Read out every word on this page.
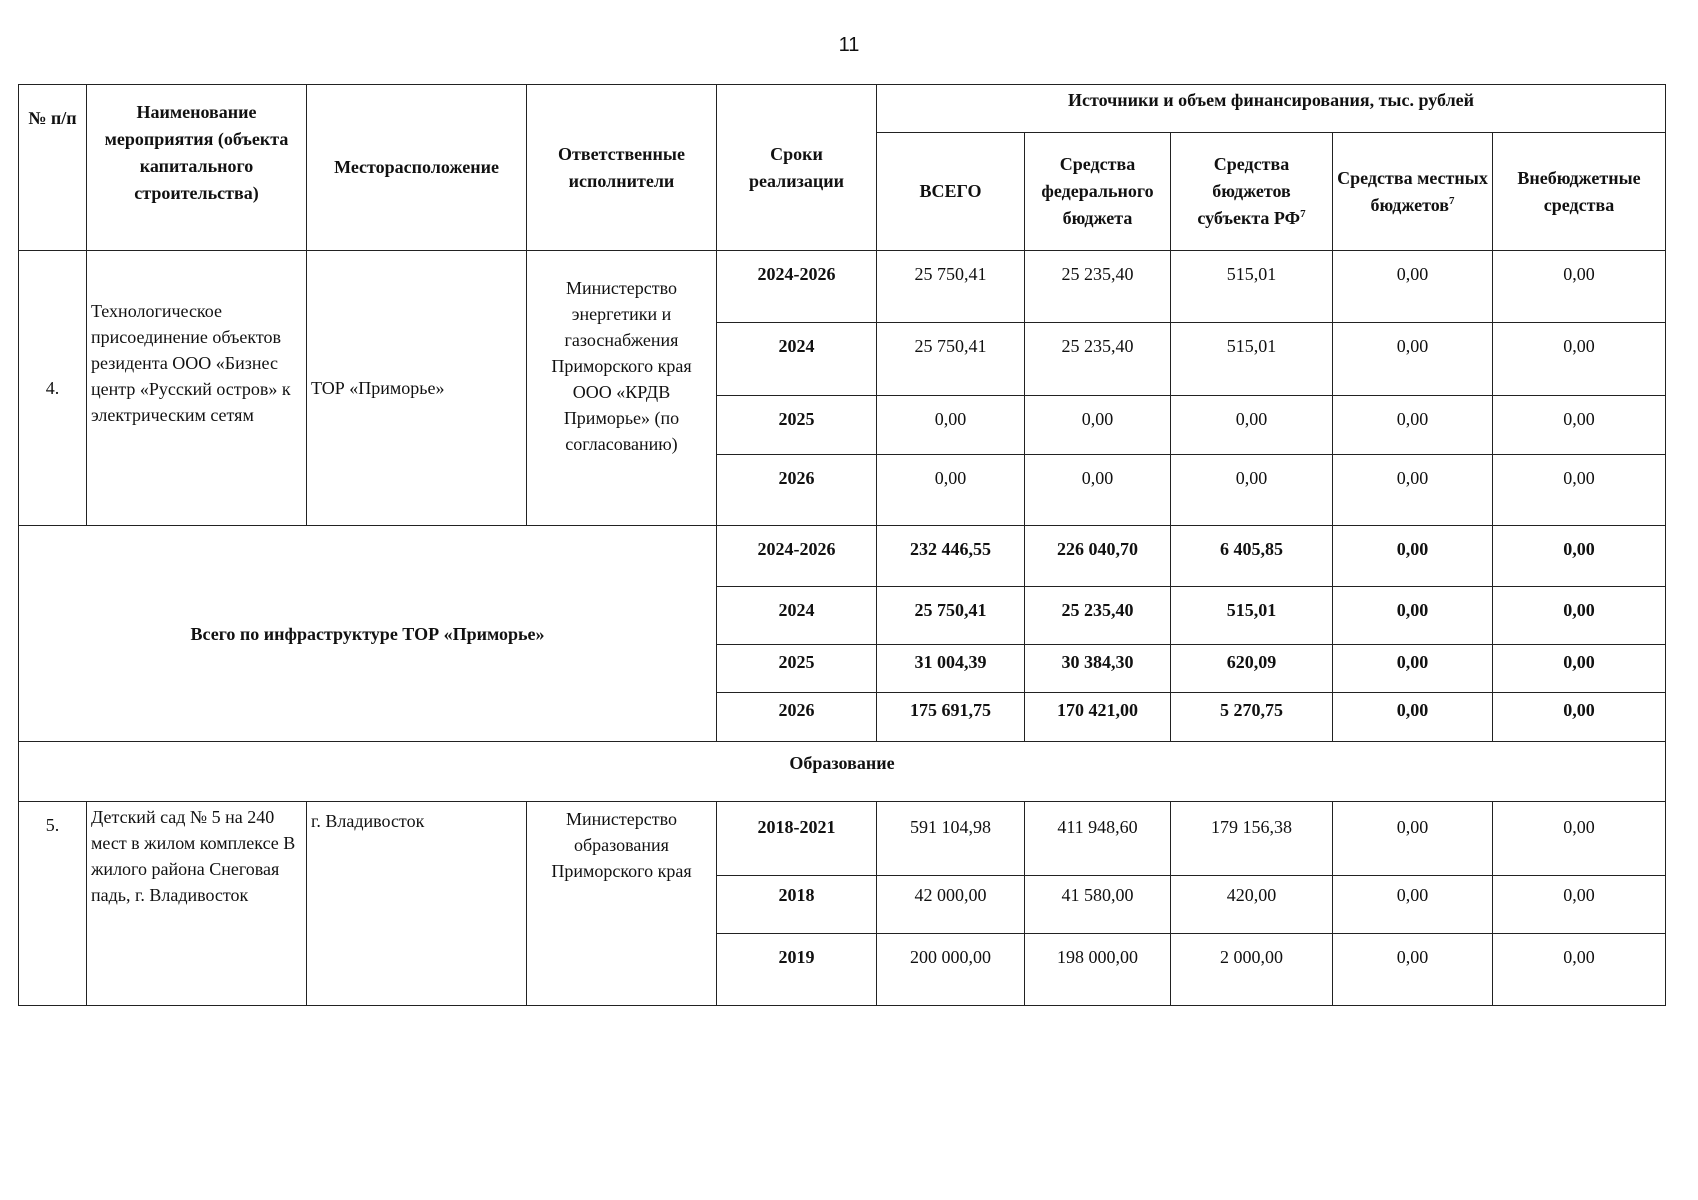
11
№ п/п	Наименование мероприятия (объекта капитального строительства)	Месторасположение	Ответственные исполнители	Сроки реализации	Источники и объем финансирования, тыс. рублей				
					ВСЕГО	Средства федерального бюджета	Средства бюджетов субъекта $РФ^7$	Средства местных бюджетов$^7$	Внебюджетные средства
4.	Технологическое присоединение объектов резидента ООО «Бизнес центр «Русский остров» к электрическим сетям	ТОР «Приморье»	Министерство энергетики и газоснабжения Приморского края ООО «КРДВ Приморье» (по согласованию)	2024-2026	25 750,41	25 235,40	515,01	0,00	0,00
				2024	25 750,41	25 235,40	515,01	0,00	0,00
				2025	0,00	0,00	0,00	0,00	0,00
				2026	0,00	0,00	0,00	0,00	0,00
Всего по инфраструктуре ТОР «Приморье»				2024-2026	232 446,55	226 040,70	6 405,85	0,00	0,00
				2024	25 750,41	25 235,40	515,01	0,00	0,00
				2025	31 004,39	30 384,30	620,09	0,00	0,00
				2026	175 691,75	170 421,00	5 270,75	0,00	0,00
Образование									
5.	Детский сад № 5 на 240 мест в жилом комплексе В жилого района Снеговая падь, г. Владивосток	г. Владивосток	Министерство образования Приморского края	2018-2021	591 104,98	411 948,60	179 156,38	0,00	0,00
				2018	42 000,00	41 580,00	420,00	0,00	0,00
				2019	200 000,00	198 000,00	2 000,00	0,00	0,00
